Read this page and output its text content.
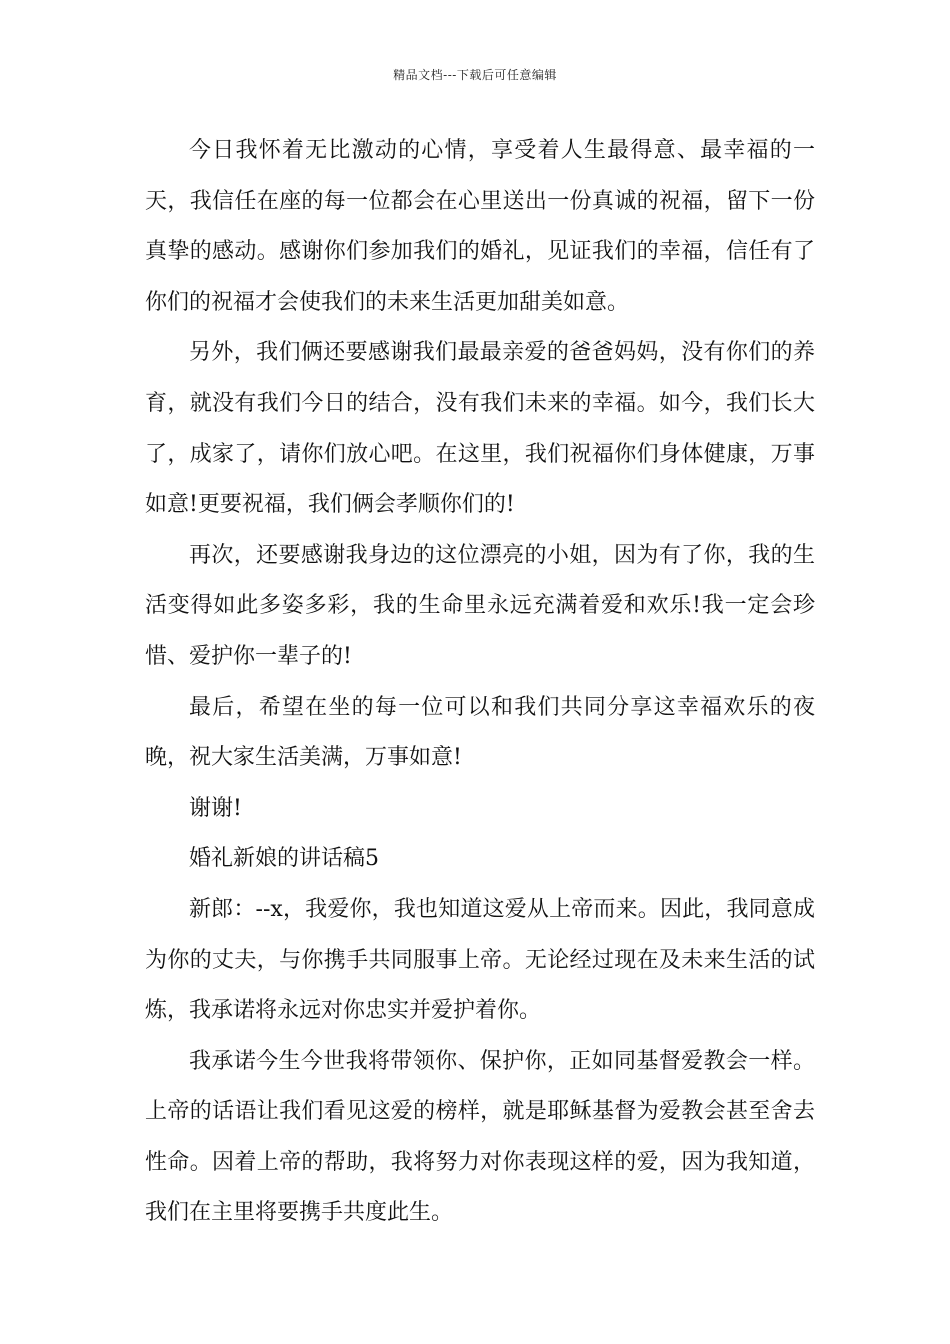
精品文档---下载后可任意编辑

今日我怀着无比激动的心情，享受着人生最得意、最幸福的一天，我信任在座的每一位都会在心里送出一份真诚的祝福，留下一份真挚的感动。感谢你们参加我们的婚礼，见证我们的幸福，信任有了你们的祝福才会使我们的未来生活更加甜美如意。

另外，我们俩还要感谢我们最最亲爱的爸爸妈妈，没有你们的养育，就没有我们今日的结合，没有我们未来的幸福。如今，我们长大了，成家了，请你们放心吧。在这里，我们祝福你们身体健康，万事如意!更要祝福，我们俩会孝顺你们的!

再次，还要感谢我身边的这位漂亮的小姐，因为有了你，我的生活变得如此多姿多彩，我的生命里永远充满着爱和欢乐!我一定会珍惜、爱护你一辈子的!

最后，希望在坐的每一位可以和我们共同分享这幸福欢乐的夜晚，祝大家生活美满，万事如意!

谢谢!

婚礼新娘的讲话稿5

新郎：--x，我爱你，我也知道这爱从上帝而来。因此，我同意成为你的丈夫，与你携手共同服事上帝。无论经过现在及未来生活的试炼，我承诺将永远对你忠实并爱护着你。

我承诺今生今世我将带领你、保护你，正如同基督爱教会一样。上帝的话语让我们看见这爱的榜样，就是耶稣基督为爱教会甚至舍去性命。因着上帝的帮助，我将努力对你表现这样的爱，因为我知道，我们在主里将要携手共度此生。
